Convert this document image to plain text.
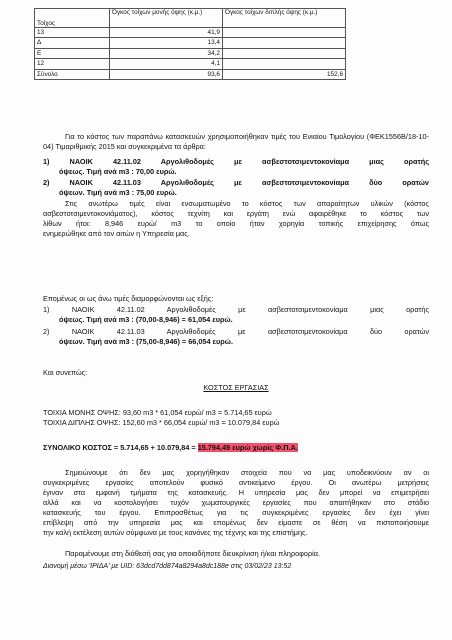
Τοίχος	Όγκος τοίχων μονής όψης (κ.μ.)	Όγκος τοίχων διπλής όψης (κ.μ.)
13	41,9	
Δ	13,4	
Ε	34,2	
12	4,1	
Σύνολο	93,6	152,6
Για το κόστος των παραπάνω κατασκευών χρησιμοποιήθηκαν τιμές του Ενιαίου Τιμολογίου (ΦΕΚ1556Β/18-10-04) Τιμαριθμικής 2015 και συγκεκριμένα τα άρθρα:
1) ΝΑΟΙΚ 42.11.02 Αργολιθοδομές με ασβεστοτσιμεντοκονίαμα μιας ορατής
όψεως. Τιμή ανά m3 : 70,00 ευρώ.
2) ΝΑΟΙΚ 42.11.03 Αργολιθοδομές με ασβεστοτσιμεντοκονίαμα δύο ορατών
όψεων. Τιμή ανά m3 : 75,00 ευρώ.
Στις ανωτέρω τιμές είναι ενσωματωμένο το κόστος των απαραίτητων υλικών (κόστος
ασβεστοτσιμεντοκονιάματος), κόστος τεχνίτη και εργάτη ενώ αφαιρέθηκε το κόστος των
λίθων ήτοι: 8,946 ευρώ/ m3 το οποίο ήταν χορηγία τοπικής επιχείρησης όπως
ενημερώθηκε από τον αιτών η Υπηρεσία μας.
Επομένως οι ως άνω τιμές διαμορφώνονται ως εξής:
1) ΝΑΟΙΚ 42.11.02 Αργολιθοδομές με ασβεστοτσιμεντοκονίαμα μιας ορατής
όψεως. Τιμή ανά m3 : (70,00-8,946) = 61,054 ευρώ.
2) ΝΑΟΙΚ 42.11.03 Αργολιθοδομές με ασβεστοτσιμεντοκονίαμα δύο ορατών
όψεων. Τιμή ανά m3 : (75,00-8,946) = 66,054 ευρώ.
Και συνεπώς:
ΚΟΣΤΟΣ ΕΡΓΑΣΙΑΣ
ΤΟΙΧΙΑ ΜΟΝΗΣ ΟΨΗΣ: 93,60 m3 * 61,054 ευρώ/ m3 = 5.714,65 ευρώ
ΤΟΙΧΙΑ ΔΙΠΛΗΣ ΟΨΗΣ: 152,60 m3 * 66,054 ευρώ/ m3 = 10.079,84 ευρώ
ΣΥΝΟΛΙΚΟ ΚΟΣΤΟΣ = 5.714,65 + 10.079,84 = 15.794,49 ευρώ χωρίς Φ.Π.Α.
Σημειώνουμε ότι δεν μας χορηγήθηκαν στοιχεία που να μας υποδεικνύουν αν οι
συγκεκριμένες εργασίες αποτελούν φυσικό αντικείμενο έργου. Οι ανωτέρω μετρήσεις
έγιναν στα εμφανή τμήματα της κατασκευής. Η υπηρεσία μας δεν μπορεί να επιμετρήσει
αλλά και να κοστολογήσει τυχόν χωματουργικές εργασίες που απαιτήθηκαν στο στάδιο
κατασκευής του έργου. Επιπροσθέτως για τις συγκεκριμένες εργασίες δεν έχει γίνει
επίβλεψη από την υπηρεσία μας και επομένως δεν είμαστε σε θέση να πιστοποιήσουμε
την καλή εκτέλεση αυτών σύμφωνα με τους κανόνες της τέχνης και της επιστήμης.
Παραμένουμε στη διάθεσή σας για οποιαδήποτε διευκρίνιση ή/και πληροφορία.
Διανομή μέσω 'ΙΡΙΔΑ' με UID: 63dcd7dd874a8294a8dc188e στις 03/02/23 13:52
